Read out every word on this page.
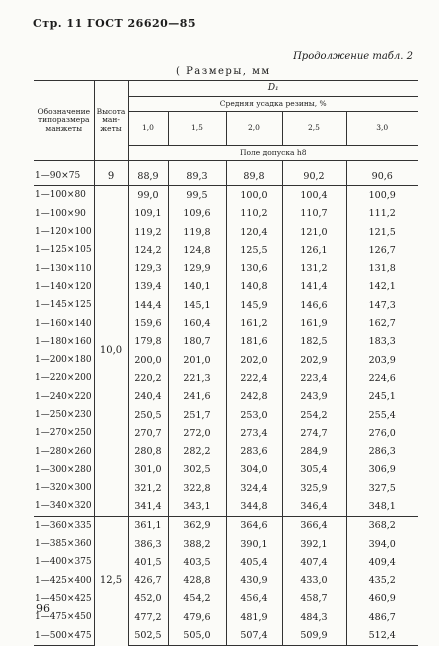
Стр. 11 ГОСТ 26620—85
Продолжение табл. 2
( Размеры, мм
Обозначение типоразмера манжеты	Высота ман-жеты	D₁				
		Средняя усадка резины, %				
		1,0	1,5	2,0	2,5	3,0
		Поле допуска h8				

1—90×75	9	88,9	89,3	89,8	90,2	90,6
1—100×80	10,0	99,0	99,5	100,0	100,4	100,9
1—100×90		109,1	109,6	110,2	110,7	111,2
1—120×100		119,2	119,8	120,4	121,0	121,5
1—125×105		124,2	124,8	125,5	126,1	126,7
1—130×110		129,3	129,9	130,6	131,2	131,8
1—140×120		139,4	140,1	140,8	141,4	142,1
1—145×125		144,4	145,1	145,9	146,6	147,3
1—160×140		159,6	160,4	161,2	161,9	162,7
1—180×160		179,8	180,7	181,6	182,5	183,3
1—200×180		200,0	201,0	202,0	202,9	203,9
1—220×200		220,2	221,3	222,4	223,4	224,6
1—240×220		240,4	241,6	242,8	243,9	245,1
1—250×230		250,5	251,7	253,0	254,2	255,4
1—270×250		270,7	272,0	273,4	274,7	276,0
1—280×260		280,8	282,2	283,6	284,9	286,3
1—300×280		301,0	302,5	304,0	305,4	306,9
1—320×300		321,2	322,8	324,4	325,9	327,5
1—340×320		341,4	343,1	344,8	346,4	348,1
1—360×335	12,5	361,1	362,9	364,6	366,4	368,2
1—385×360		386,3	388,2	390,1	392,1	394,0
1—400×375		401,5	403,5	405,4	407,4	409,4
1—425×400		426,7	428,8	430,9	433,0	435,2
1—450×425		452,0	454,2	456,4	458,7	460,9
1—475×450		477,2	479,6	481,9	484,3	486,7
1—500×475		502,5	505,0	507,4	509,9	512,4
96
